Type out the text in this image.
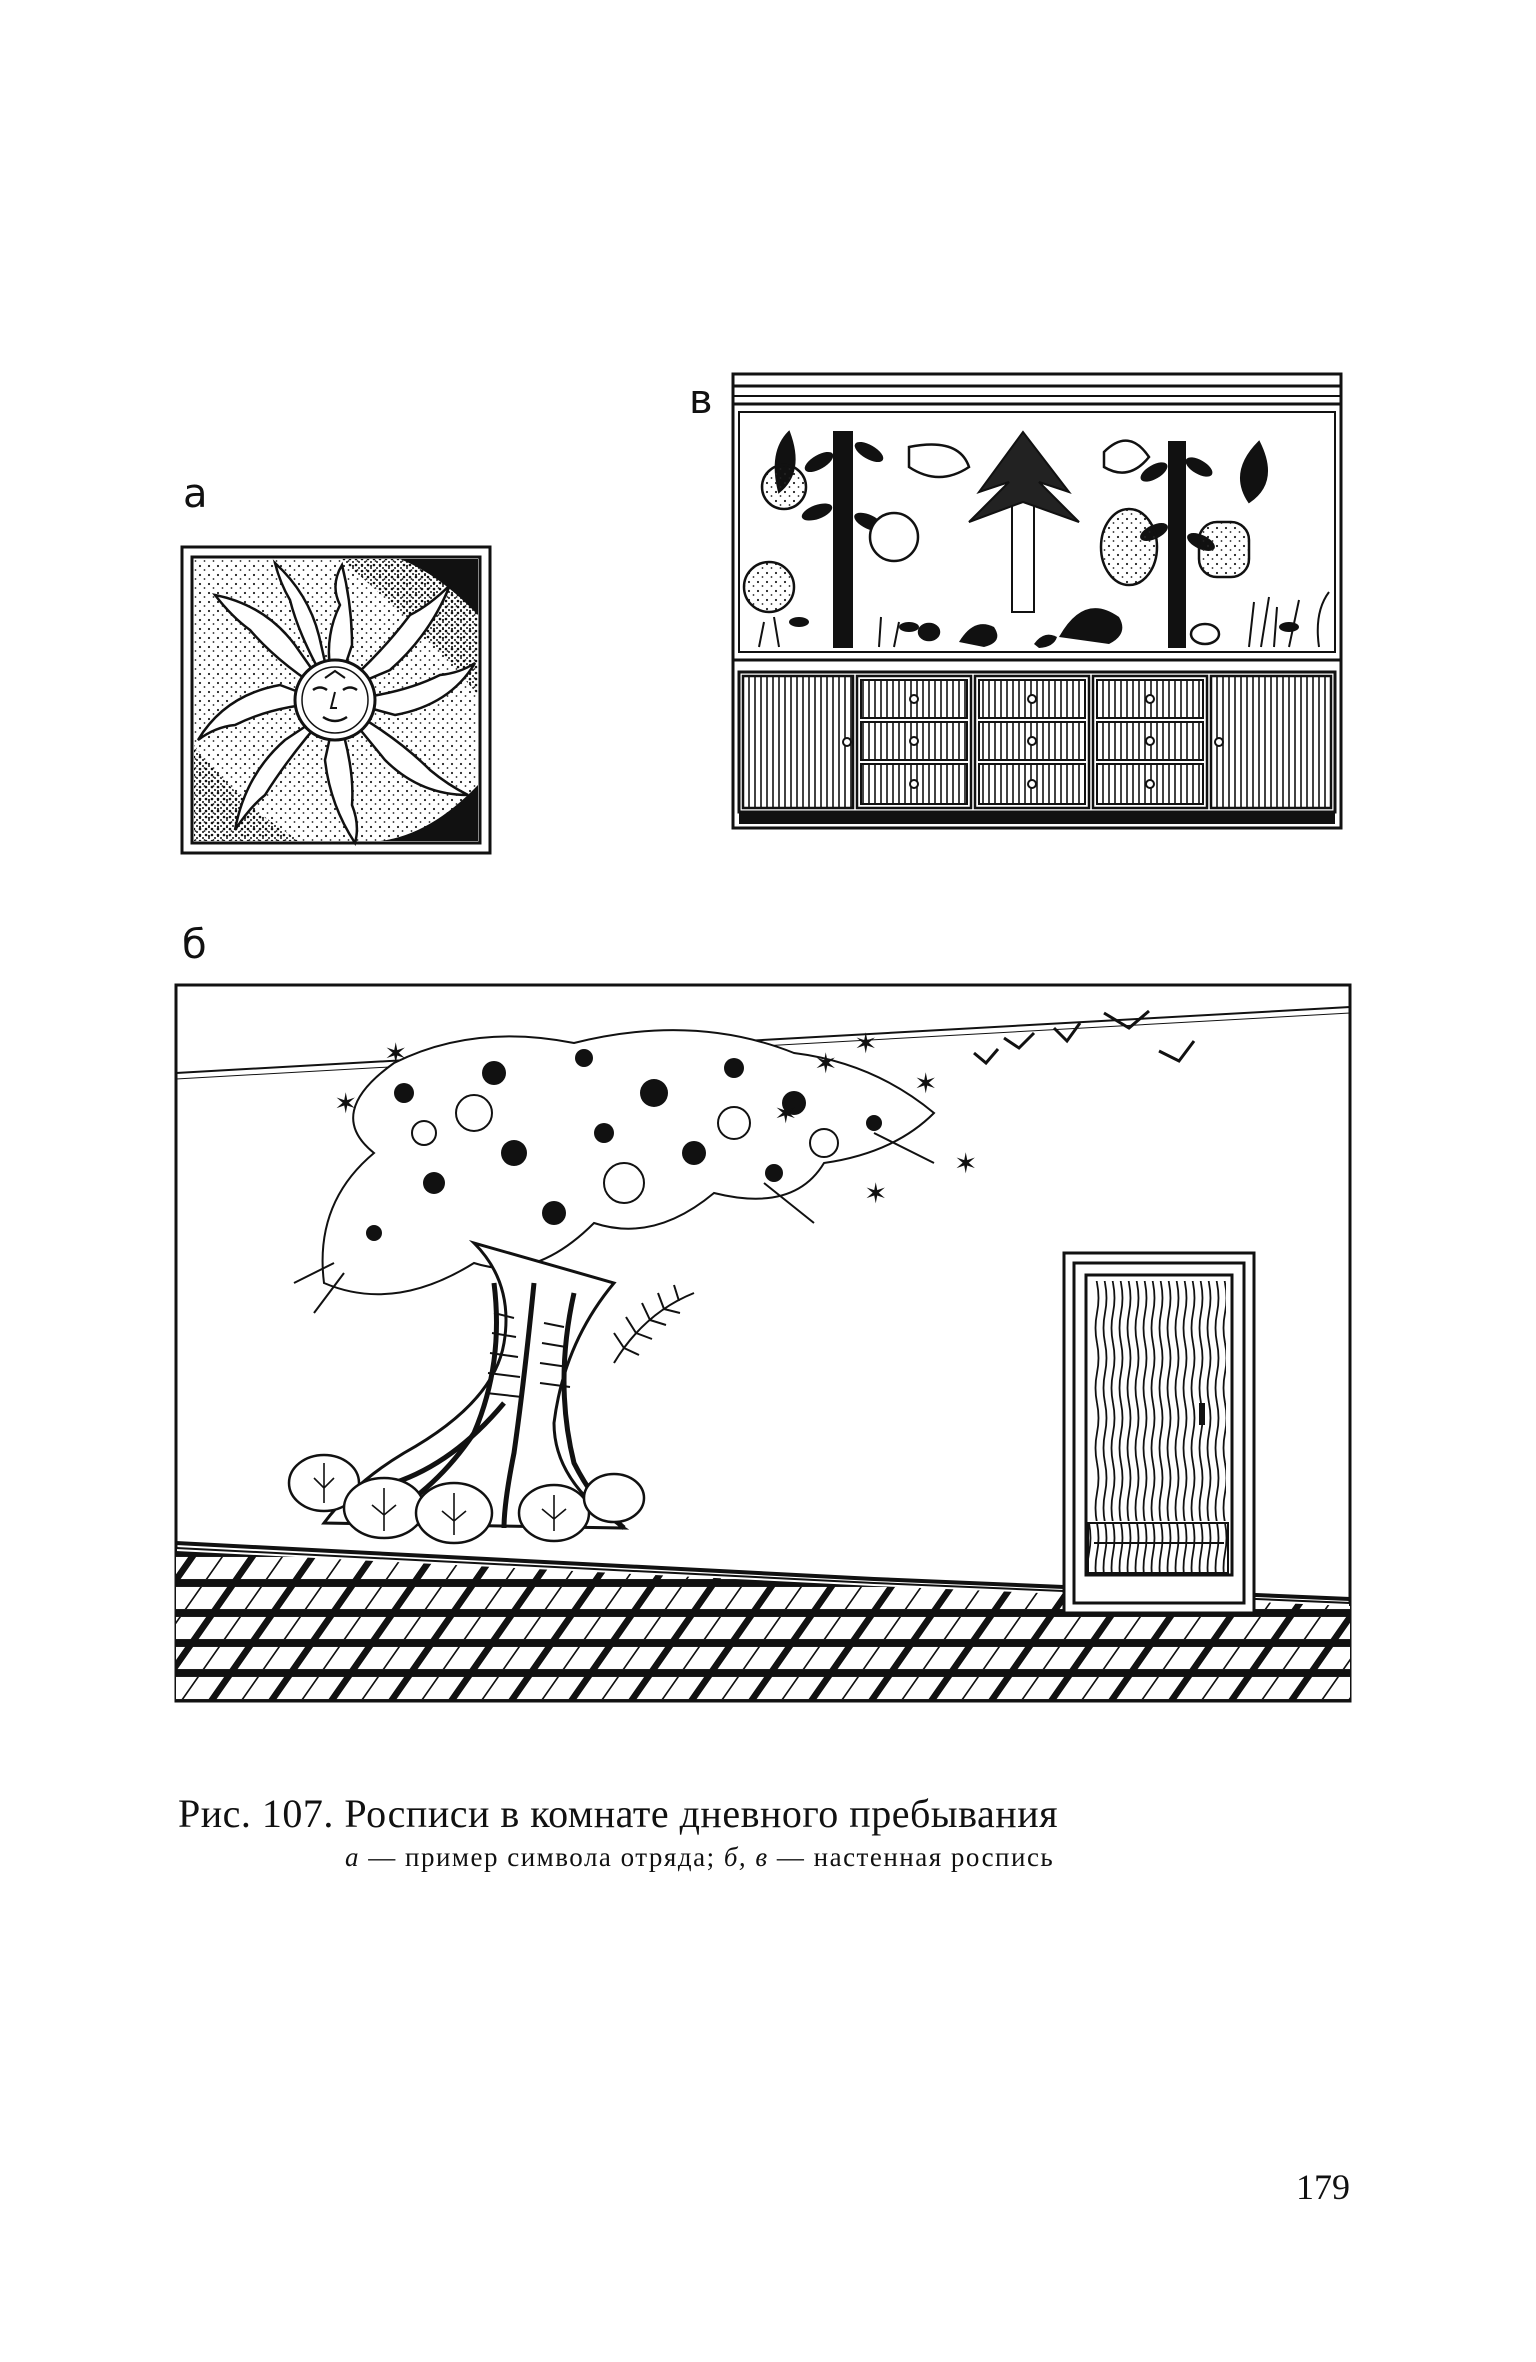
а
в
б
✶
✶
✶
✶
✶
✶
✶
✶
Рис. 107. Росписи в комнате дневного пребывания
а — пример символа отряда; б, в — настенная роспись
179
